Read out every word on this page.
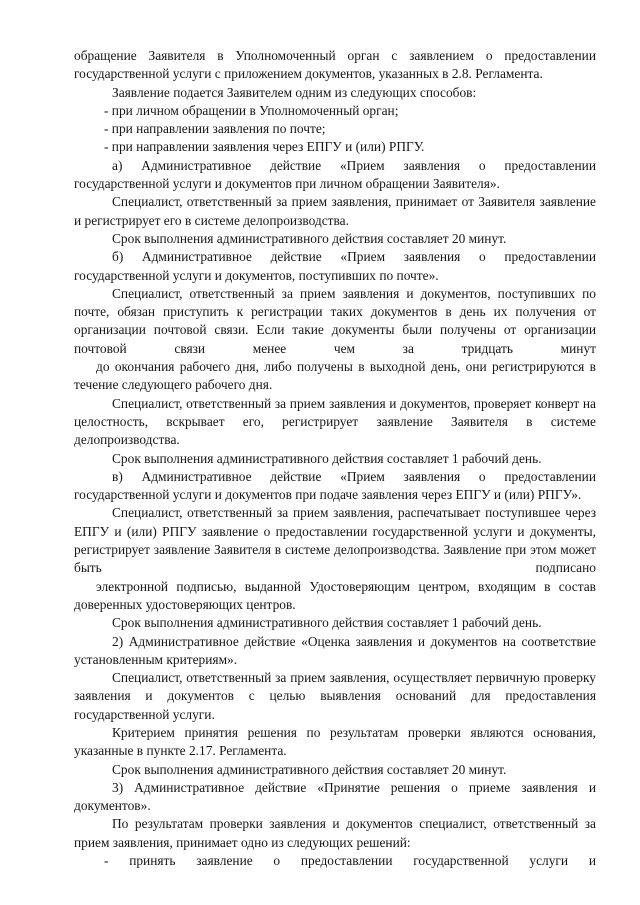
обращение Заявителя в Уполномоченный орган с заявлением о предоставлении государственной услуги с приложением документов, указанных в 2.8. Регламента.

Заявление подается Заявителем одним из следующих способов:

- при личном обращении в Уполномоченный орган;

- при направлении заявления по почте;

- при направлении заявления через ЕПГУ и (или) РПГУ.

а) Административное действие «Прием заявления о предоставлении государственной услуги и документов при личном обращении Заявителя».

Специалист, ответственный за прием заявления, принимает от Заявителя заявление и регистрирует его в системе делопроизводства.

Срок выполнения административного действия составляет 20 минут.

б) Административное действие «Прием заявления о предоставлении государственной услуги и документов, поступивших по почте».

Специалист, ответственный за прием заявления и документов, поступивших по почте, обязан приступить к регистрации таких документов в день их получения от организации почтовой связи. Если такие документы были получены от организации почтовой связи менее чем за тридцать минут

до окончания рабочего дня, либо получены в выходной день, они регистрируются в течение следующего рабочего дня.

Специалист, ответственный за прием заявления и документов, проверяет конверт на целостность, вскрывает его, регистрирует заявление Заявителя в системе делопроизводства.

Срок выполнения административного действия составляет 1 рабочий день.

в) Административное действие «Прием заявления о предоставлении государственной услуги и документов при подаче заявления через ЕПГУ и (или) РПГУ».

Специалист, ответственный за прием заявления, распечатывает поступившее через ЕПГУ и (или) РПГУ заявление о предоставлении государственной услуги и документы, регистрирует заявление Заявителя в системе делопроизводства. Заявление при этом может быть подписано

электронной подписью, выданной Удостоверяющим центром, входящим в состав доверенных удостоверяющих центров.

Срок выполнения административного действия составляет 1 рабочий день.

2) Административное действие «Оценка заявления и документов на соответствие установленным критериям».

Специалист, ответственный за прием заявления, осуществляет первичную проверку заявления и документов с целью выявления оснований для предоставления государственной услуги.

Критерием принятия решения по результатам проверки являются основания, указанные в пункте 2.17. Регламента.

Срок выполнения административного действия составляет 20 минут.

3) Административное действие «Принятие решения о приеме заявления и документов».

По результатам проверки заявления и документов специалист, ответственный за прием заявления, принимает одно из следующих решений:

- принять заявление о предоставлении государственной услуги и
